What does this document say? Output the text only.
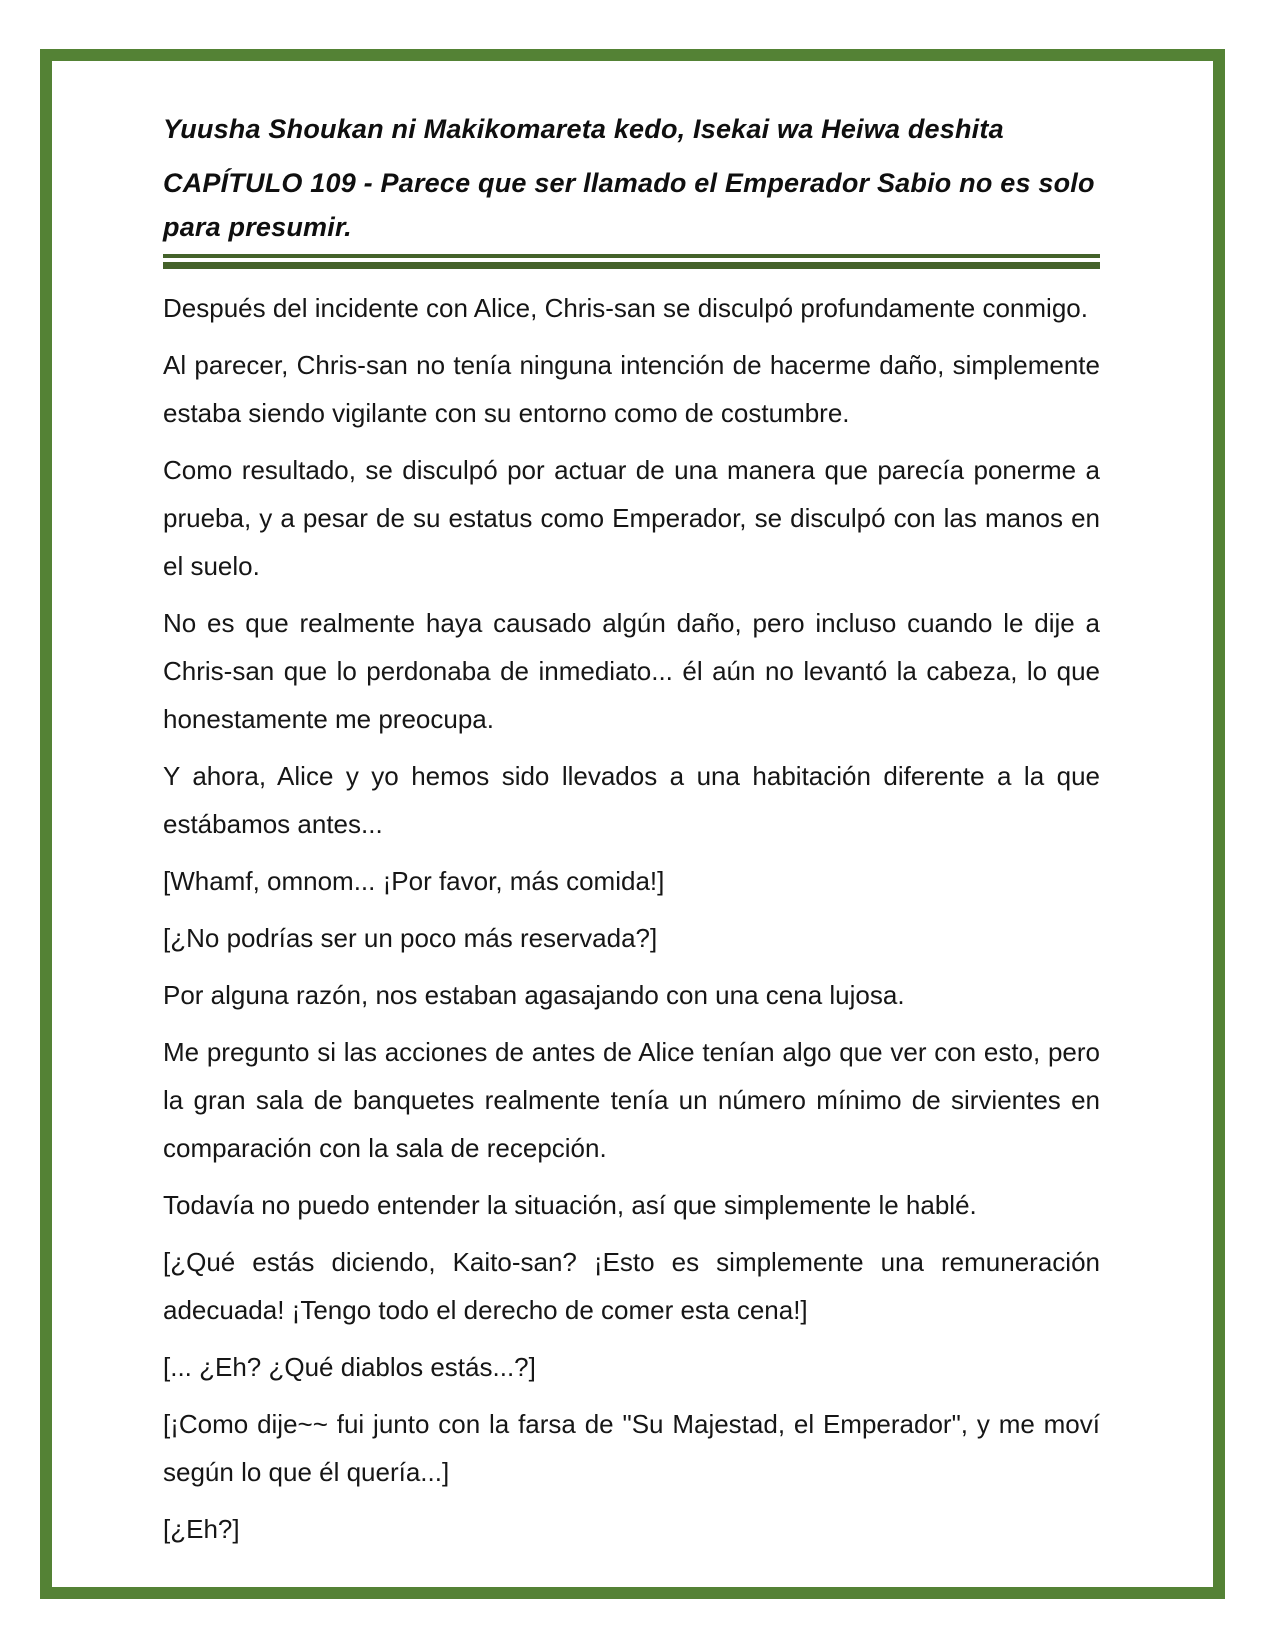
Yuusha Shoukan ni Makikomareta kedo, Isekai wa Heiwa deshita
CAPÍTULO 109 - Parece que ser llamado el Emperador Sabio no es solo para presumir.

Después del incidente con Alice, Chris-san se disculpó profundamente conmigo.

Al parecer, Chris-san no tenía ninguna intención de hacerme daño, simplemente estaba siendo vigilante con su entorno como de costumbre.

Como resultado, se disculpó por actuar de una manera que parecía ponerme a prueba, y a pesar de su estatus como Emperador, se disculpó con las manos en el suelo.

No es que realmente haya causado algún daño, pero incluso cuando le dije a Chris-san que lo perdonaba de inmediato... él aún no levantó la cabeza, lo que honestamente me preocupa.

Y ahora, Alice y yo hemos sido llevados a una habitación diferente a la que estábamos antes...

[Whamf, omnom... ¡Por favor, más comida!]

[¿No podrías ser un poco más reservada?]

Por alguna razón, nos estaban agasajando con una cena lujosa.

Me pregunto si las acciones de antes de Alice tenían algo que ver con esto, pero la gran sala de banquetes realmente tenía un número mínimo de sirvientes en comparación con la sala de recepción.

Todavía no puedo entender la situación, así que simplemente le hablé.

[¿Qué estás diciendo, Kaito-san? ¡Esto es simplemente una remuneración adecuada! ¡Tengo todo el derecho de comer esta cena!]

[... ¿Eh? ¿Qué diablos estás...?]

[¡Como dije~~ fui junto con la farsa de "Su Majestad, el Emperador", y me moví según lo que él quería...]

[¿Eh?]
